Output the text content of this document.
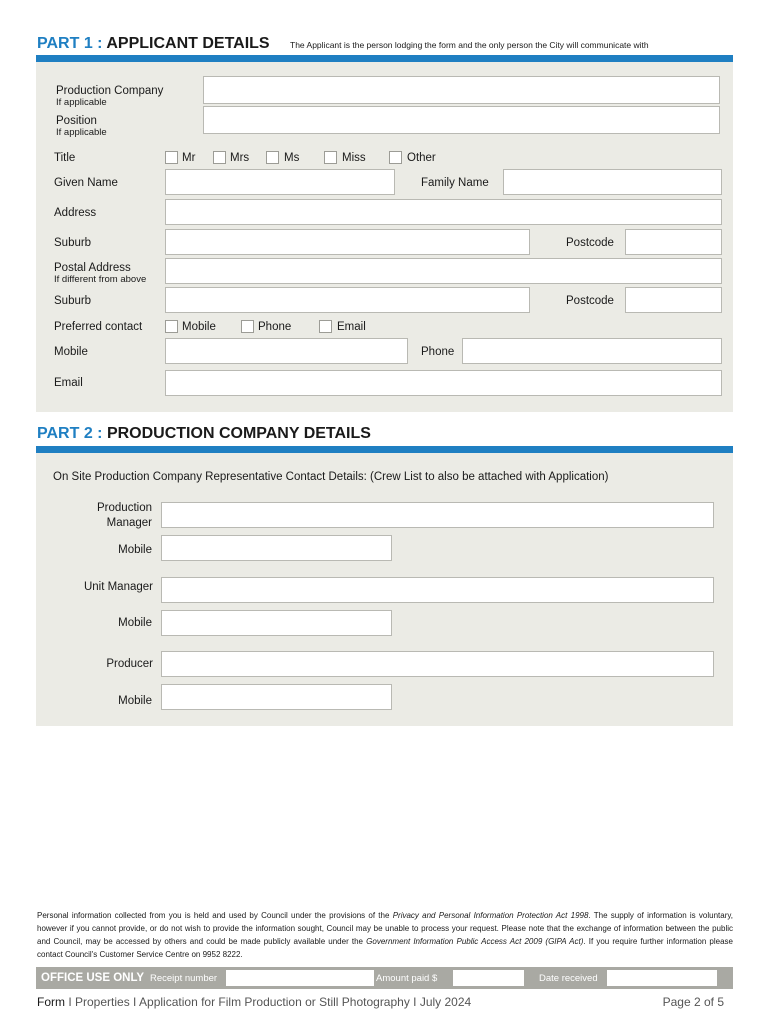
PART 1 : APPLICANT DETAILS The Applicant is the person lodging the form and the only person the City will communicate with
Production Company
If applicable
Position
If applicable
Title	Mr	Mrs	Ms	Miss	Other
Given Name	Family Name
Address
Suburb	Postcode
Postal Address
If different from above
Suburb	Postcode
Preferred contact	Mobile	Phone	Email
Mobile	Phone
Email
PART 2 : PRODUCTION COMPANY DETAILS
On Site Production Company Representative Contact Details: (Crew List to also be attached with Application)
Production
Manager
Mobile
Unit Manager
Mobile
Producer
Mobile
Personal information collected from you is held and used by Council under the provisions of the Privacy and Personal Information Protection Act 1998. The supply of information is voluntary, however if you cannot provide, or do not wish to provide the information sought, Council may be unable to process your request. Please note that the exchange of information between the public and Council, may be accessed by others and could be made publicly available under the Government Information Public Access Act 2009 (GIPA Act). If you require further information please contact Council's Customer Service Centre on 9952 8222.
OFFICE USE ONLY Receipt number	Amount paid $	Date received
Form I Properties I Application for Film Production or Still Photography I July 2024	Page 2 of 5
